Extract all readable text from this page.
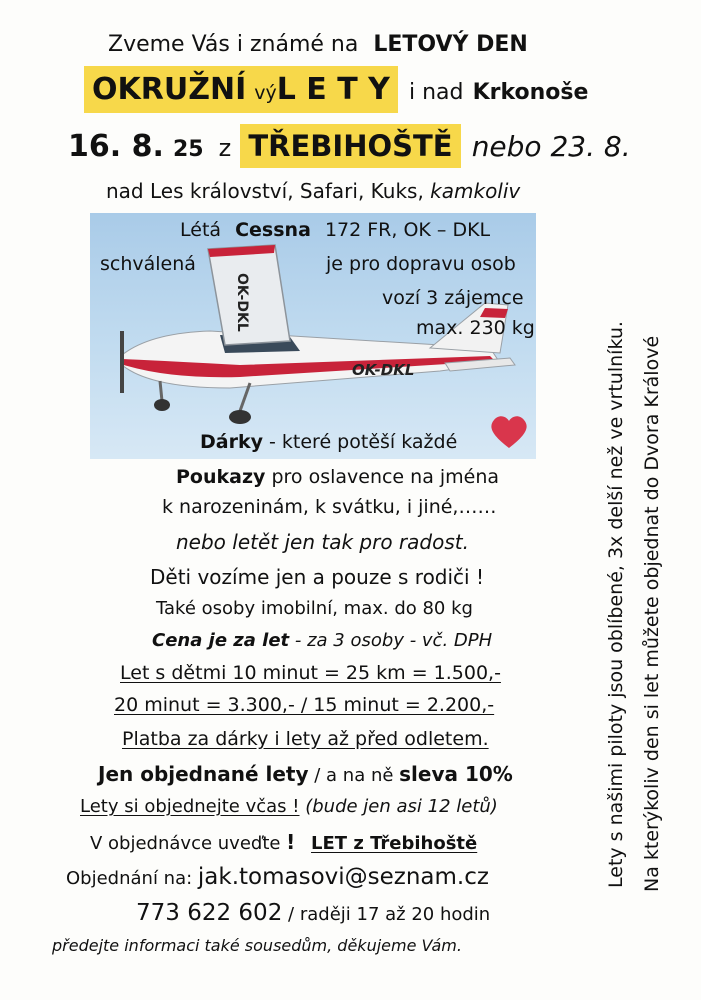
Zveme Vás i známé na LETOVÝ DEN
OKRUŽNÍ výL E T Y i nad Krkonoše
16. 8. 25 z TŘEBIHOŠTĚ nebo 23. 8.
nad Les království, Safari, Kuks, kamkoliv
OK-DKL
OK-DKL
Létá Cessna 172 FR, OK – DKL
schválená	je pro dopravu osob
vozí 3 zájemce
max. 230 kg
Dárky - které potěší každé
Poukazy pro oslavence na jména
k narozeninám, k svátku, i jiné,……
nebo letět jen tak pro radost.
Děti vozíme jen a pouze s rodiči !
Také osoby imobilní, max. do 80 kg
Cena je za let - za 3 osoby - vč. DPH
Let s dětmi 10 minut = 25 km = 1.500,-
20 minut = 3.300,- / 15 minut = 2.200,-
Platba za dárky i lety až před odletem.
Jen objednané lety / a na ně sleva 10%
Lety si objednejte včas ! (bude jen asi 12 letů)
V objednávce uveďte ! LET z Třebihoště
Objednání na: jak.tomasovi@seznam.cz
773 622 602 / raději 17 až 20 hodin
předejte informaci také sousedům, děkujeme Vám.
Lety s našimi piloty jsou oblíbené, 3x delší než ve vrtulníku. Na kterýkoliv den si let můžete objednat do Dvora Králové
